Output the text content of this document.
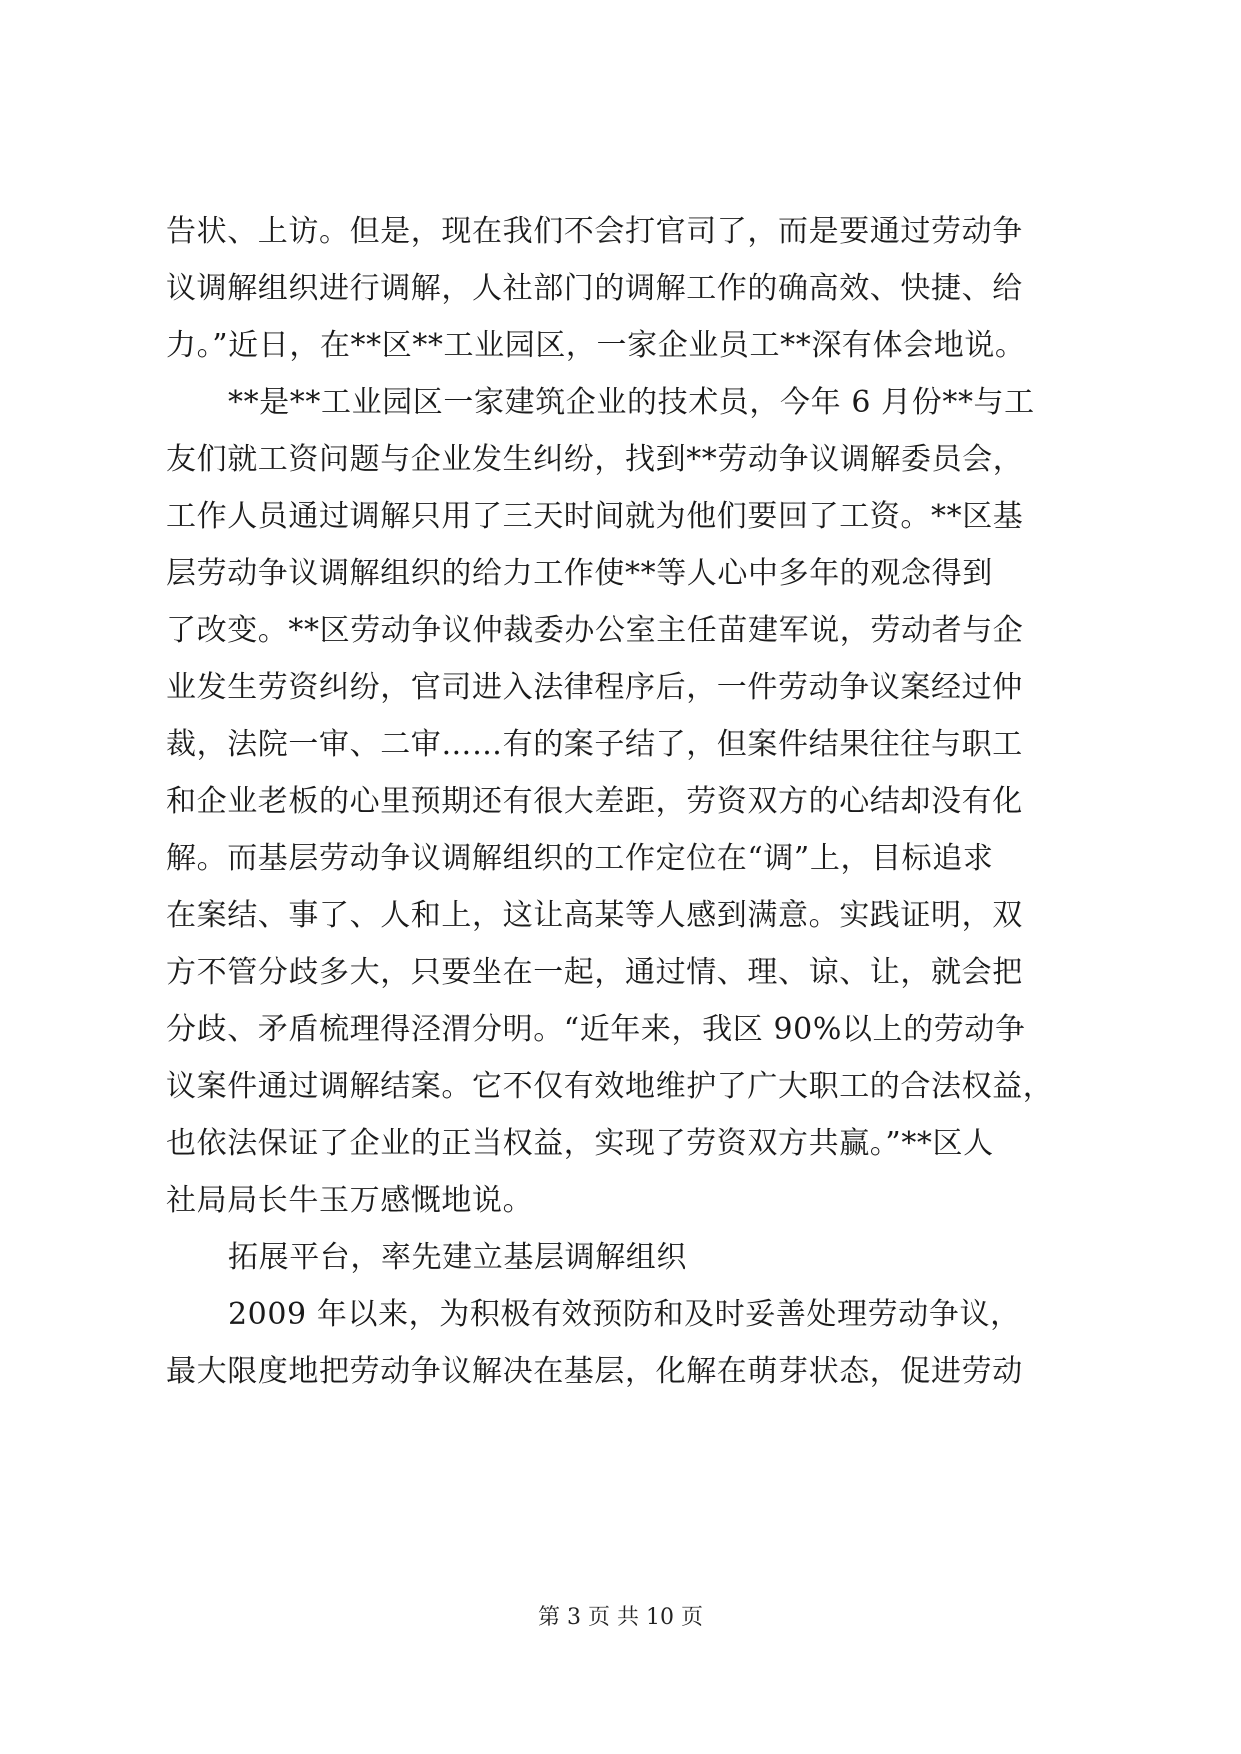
告状、上访。但是，现在我们不会打官司了，而是要通过劳动争
议调解组织进行调解，人社部门的调解工作的确高效、快捷、给
力。”近日，在**区**工业园区，一家企业员工**深有体会地说。
**是**工业园区一家建筑企业的技术员，今年 6 月份**与工
友们就工资问题与企业发生纠纷，找到**劳动争议调解委员会，
工作人员通过调解只用了三天时间就为他们要回了工资。**区基
层劳动争议调解组织的给力工作使**等人心中多年的观念得到
了改变。**区劳动争议仲裁委办公室主任苗建军说，劳动者与企
业发生劳资纠纷，官司进入法律程序后，一件劳动争议案经过仲
裁，法院一审、二审……有的案子结了，但案件结果往往与职工
和企业老板的心里预期还有很大差距，劳资双方的心结却没有化
解。而基层劳动争议调解组织的工作定位在“调”上，目标追求
在案结、事了、人和上，这让高某等人感到满意。实践证明，双
方不管分歧多大，只要坐在一起，通过情、理、谅、让，就会把
分歧、矛盾梳理得泾渭分明。“近年来，我区 90%以上的劳动争
议案件通过调解结案。它不仅有效地维护了广大职工的合法权益，
也依法保证了企业的正当权益，实现了劳资双方共赢。”**区人
社局局长牛玉万感慨地说。
拓展平台，率先建立基层调解组织
2009 年以来，为积极有效预防和及时妥善处理劳动争议，
最大限度地把劳动争议解决在基层，化解在萌芽状态，促进劳动
第 3 页 共 10 页
